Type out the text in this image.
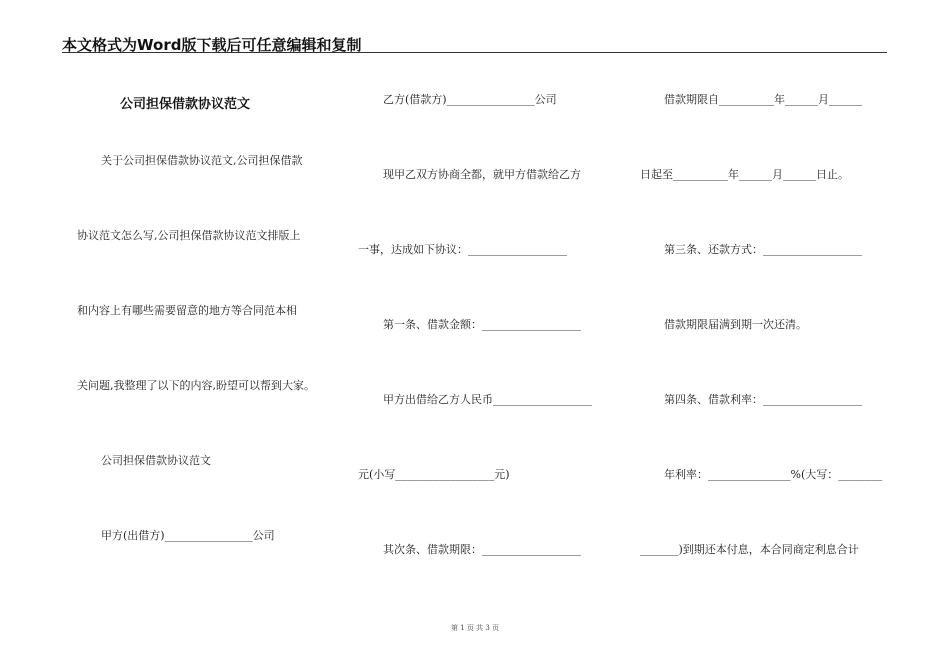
本文格式为Word版下载后可任意编辑和复制
公司担保借款协议范文
关于公司担保借款协议范文,公司担保借款
协议范文怎么写,公司担保借款协议范文排版上
和内容上有哪些需要留意的地方等合同范本相
关问题,我整理了以下的内容,盼望可以帮到大家。
公司担保借款协议范文
甲方(出借方)________________公司
乙方(借款方)________________公司
现甲乙双方协商全都，就甲方借款给乙方
一事，达成如下协议：__________________
第一条、借款金额：__________________
甲方出借给乙方人民币__________________
元(小写__________________元)
其次条、借款期限：__________________
借款期限自__________年______月______
日起至__________年______月______日止。
第三条、还款方式：__________________
借款期限届满到期一次还清。
第四条、借款利率：__________________
年利率：_______________%(大写：________
_______)到期还本付息，本合同商定利息合计
第 1 页 共 3 页
